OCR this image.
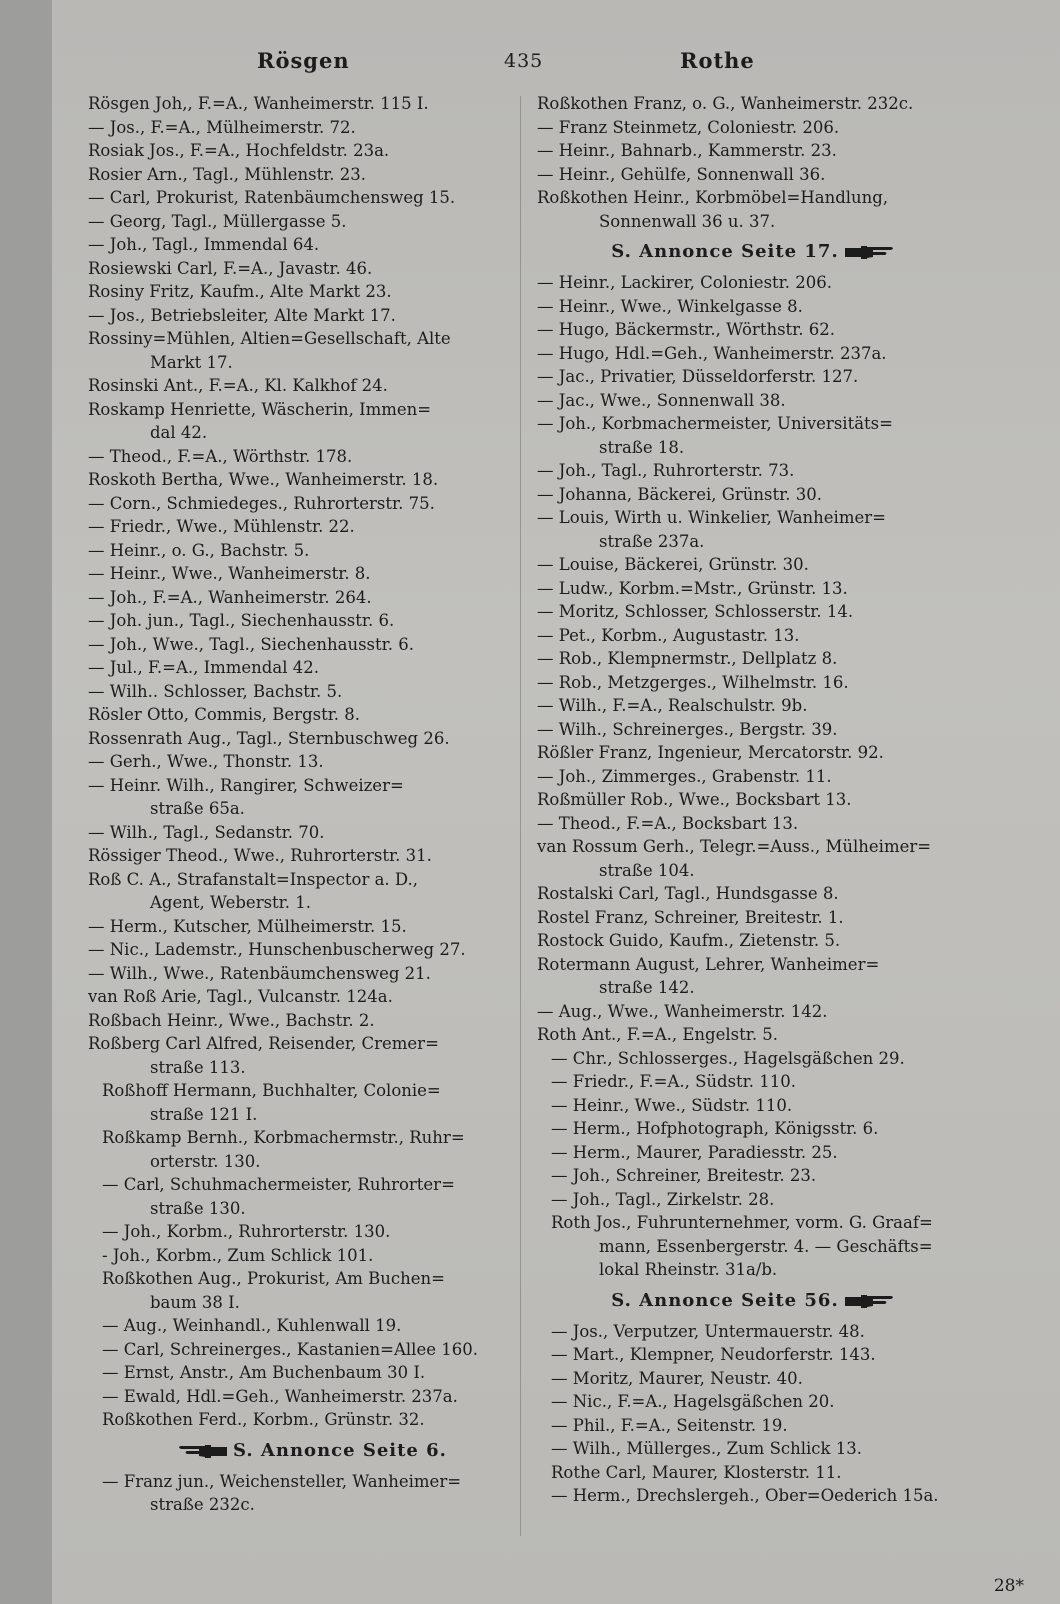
Rösgen	435	Rothe
Rösgen Joh,, F.=A., Wanheimerstr. 115 I.
— Jos., F.=A., Mülheimerstr. 72.
Rosiak Jos., F.=A., Hochfeldstr. 23a.
Rosier Arn., Tagl., Mühlenstr. 23.
— Carl, Prokurist, Ratenbäumchensweg 15.
— Georg, Tagl., Müllergasse 5.
— Joh., Tagl., Immendal 64.
Rosiewski Carl, F.=A., Javastr. 46.
Rosiny Fritz, Kaufm., Alte Markt 23.
— Jos., Betriebsleiter, Alte Markt 17.
Rossiny=Mühlen, Altien=Gesellschaft, Alte
Markt 17.
Rosinski Ant., F.=A., Kl. Kalkhof 24.
Roskamp Henriette, Wäscherin, Immen=
dal 42.
— Theod., F.=A., Wörthstr. 178.
Roskoth Bertha, Wwe., Wanheimerstr. 18.
— Corn., Schmiedeges., Ruhrorterstr. 75.
— Friedr., Wwe., Mühlenstr. 22.
— Heinr., o. G., Bachstr. 5.
— Heinr., Wwe., Wanheimerstr. 8.
— Joh., F.=A., Wanheimerstr. 264.
— Joh. jun., Tagl., Siechenhausstr. 6.
— Joh., Wwe., Tagl., Siechenhausstr. 6.
— Jul., F.=A., Immendal 42.
— Wilh.. Schlosser, Bachstr. 5.
Rösler Otto, Commis, Bergstr. 8.
Rossenrath Aug., Tagl., Sternbuschweg 26.
— Gerh., Wwe., Thonstr. 13.
— Heinr. Wilh., Rangirer, Schweizer=
straße 65a.
— Wilh., Tagl., Sedanstr. 70.
Rössiger Theod., Wwe., Ruhrorterstr. 31.
Roß C. A., Strafanstalt=Inspector a. D.,
Agent, Weberstr. 1.
— Herm., Kutscher, Mülheimerstr. 15.
— Nic., Lademstr., Hunschenbuscherweg 27.
— Wilh., Wwe., Ratenbäumchensweg 21.
van Roß Arie, Tagl., Vulcanstr. 124a.
Roßbach Heinr., Wwe., Bachstr. 2.
Roßberg Carl Alfred, Reisender, Cremer=
straße 113.
Roßhoff Hermann, Buchhalter, Colonie=
straße 121 I.
Roßkamp Bernh., Korbmachermstr., Ruhr=
orterstr. 130.
— Carl, Schuhmachermeister, Ruhrorter=
straße 130.
— Joh., Korbm., Ruhrorterstr. 130.
- Joh., Korbm., Zum Schlick 101.
Roßkothen Aug., Prokurist, Am Buchen=
baum 38 I.
— Aug., Weinhandl., Kuhlenwall 19.
— Carl, Schreinerges., Kastanien=Allee 160.
— Ernst, Anstr., Am Buchenbaum 30 I.
— Ewald, Hdl.=Geh., Wanheimerstr. 237a.
Roßkothen Ferd., Korbm., Grünstr. 32.
S. Annonce Seite 6.
— Franz jun., Weichensteller, Wanheimer=
straße 232c.
Roßkothen Franz, o. G., Wanheimerstr. 232c.
— Franz Steinmetz, Coloniestr. 206.
— Heinr., Bahnarb., Kammerstr. 23.
— Heinr., Gehülfe, Sonnenwall 36.
Roßkothen Heinr., Korbmöbel=Handlung,
Sonnenwall 36 u. 37.
S. Annonce Seite 17.
— Heinr., Lackirer, Coloniestr. 206.
— Heinr., Wwe., Winkelgasse 8.
— Hugo, Bäckermstr., Wörthstr. 62.
— Hugo, Hdl.=Geh., Wanheimerstr. 237a.
— Jac., Privatier, Düsseldorferstr. 127.
— Jac., Wwe., Sonnenwall 38.
— Joh., Korbmachermeister, Universitäts=
straße 18.
— Joh., Tagl., Ruhrorterstr. 73.
— Johanna, Bäckerei, Grünstr. 30.
— Louis, Wirth u. Winkelier, Wanheimer=
straße 237a.
— Louise, Bäckerei, Grünstr. 30.
— Ludw., Korbm.=Mstr., Grünstr. 13.
— Moritz, Schlosser, Schlosserstr. 14.
— Pet., Korbm., Augustastr. 13.
— Rob., Klempnermstr., Dellplatz 8.
— Rob., Metzgerges., Wilhelmstr. 16.
— Wilh., F.=A., Realschulstr. 9b.
— Wilh., Schreinerges., Bergstr. 39.
Rößler Franz, Ingenieur, Mercatorstr. 92.
— Joh., Zimmerges., Grabenstr. 11.
Roßmüller Rob., Wwe., Bocksbart 13.
— Theod., F.=A., Bocksbart 13.
van Rossum Gerh., Telegr.=Auss., Mülheimer=
straße 104.
Rostalski Carl, Tagl., Hundsgasse 8.
Rostel Franz, Schreiner, Breitestr. 1.
Rostock Guido, Kaufm., Zietenstr. 5.
Rotermann August, Lehrer, Wanheimer=
straße 142.
— Aug., Wwe., Wanheimerstr. 142.
Roth Ant., F.=A., Engelstr. 5.
— Chr., Schlosserges., Hagelsgäßchen 29.
— Friedr., F.=A., Südstr. 110.
— Heinr., Wwe., Südstr. 110.
— Herm., Hofphotograph, Königsstr. 6.
— Herm., Maurer, Paradiesstr. 25.
— Joh., Schreiner, Breitestr. 23.
— Joh., Tagl., Zirkelstr. 28.
Roth Jos., Fuhrunternehmer, vorm. G. Graaf=
mann, Essenbergerstr. 4. — Geschäfts=
lokal Rheinstr. 31a/b.
S. Annonce Seite 56.
— Jos., Verputzer, Untermauerstr. 48.
— Mart., Klempner, Neudorferstr. 143.
— Moritz, Maurer, Neustr. 40.
— Nic., F.=A., Hagelsgäßchen 20.
— Phil., F.=A., Seitenstr. 19.
— Wilh., Müllerges., Zum Schlick 13.
Rothe Carl, Maurer, Klosterstr. 11.
— Herm., Drechslergeh., Ober=Oederich 15a.
28*
